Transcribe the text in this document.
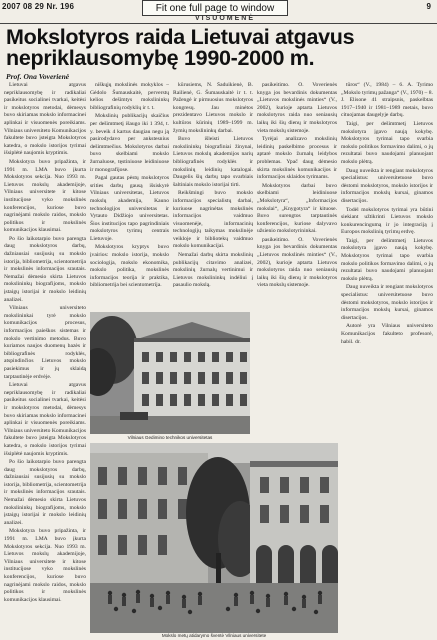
2007 08 29 Nr. 196	Fit one full page to window	9
VISUOMENĖ
Mokslotyros raida Lietuvai atgavus nepriklausomybę 1990-2000 m.
Prof. Ona Voverienė

Lietuvai atgavus nepriklausomybę ir radikaliai pasikeitus socialinei tvarkai, keitėsi ir mokslotyros metodai, dėmesys buvo skiriamas mokslo informacinei aplinkai ir visuomenės poreikiams. Vilniaus universiteto Komunikacijos fakultete buvo įsteigta Mokslotyros katedra, o mokslo istorijos tyrimai išsiplėtė naujomis kryptimis.

Mokslotyra buvo pripažinta, ir 1991 m. LMA buvo įkurta Mokslotyros sekcija. Nuo 1993 m. Lietuvos mokslų akademijoje, Vilniaus universitete ir kitose institucijose vyko mokslinės konferencijos, kuriose buvo nagrinėjami mokslo raidos, mokslo politikos ir mokslinės komunikacijos klausimai.

Po šio laikotarpio buvo parengta daug mokslotyros darbų, dažniausiai susijusių su mokslo istorija, bibliometrija, scientometrija ir mokslinės informacijos srautais. Nemažai dėmesio skirta Lietuvos mokslininkų biografijoms, mokslo įstaigų istorijai ir mokslo leidinių analizei.

Vilniaus universiteto mokslininkai tyrė mokslo komunikacijos procesus, informacijos paieškos sistemas ir mokslo vertinimo metodus. Buvo kuriamos naujos duomenų bazės ir bibliografinės rodyklės, atspindinčios Lietuvos mokslo pasiekimus ir jų sklaidą tarptautinėje erdvėje.

Lietuvai atgavus nepriklausomybę ir radikaliai pasikeitus socialinei tvarkai, keitėsi ir mokslotyros metodai, dėmesys buvo skiriamas mokslo informacinei aplinkai ir visuomenės poreikiams. Vilniaus universiteto Komunikacijos fakultete buvo įsteigta Mokslotyros katedra, o mokslo istorijos tyrimai išsiplėtė naujomis kryptimis.

Po šio laikotarpio buvo parengta daug mokslotyros darbų, dažniausiai susijusių su mokslo istorija, bibliometrija, scientometrija ir mokslinės informacijos srautais. Nemažai dėmesio skirta Lietuvos mokslininkų biografijoms, mokslo įstaigų istorijai ir mokslo leidinių analizei.

Mokslotyra buvo pripažinta, ir 1991 m. LMA buvo įkurta Mokslotyros sekcija. Nuo 1993 m. Lietuvos mokslų akademijoje, Vilniaus universitete ir kitose institucijose vyko mokslinės konferencijos, kuriose buvo nagrinėjami mokslo raidos, mokslo politikos ir mokslinės komunikacijos klausimai.

niškųjų mokslinės mokyklos – Gėdolo Šumauskaitė, perverstų kelios dešimtys mokslininkų bibliografinių rodyklių ir t. t.

Mokslinių publikacijų skaičius per dešimtmetį išaugo iki 1 394, t. y. beveik 4 kartus daugiau negu ją pasirodydavo per ankstesnius dešimtmečius. Mokslotyros darbai buvo skelbiami mokslo žurnaluose, tęstiniuose leidiniuose ir monografijose.

Pagal gautas pėstų mokslotyros srities darbų gausą išsiskyrė Vilniaus universitetas, Lietuvos mokslų akademija, Kauno technologijos universitetas ir Vytauto Didžiojo universitetas. Šios institucijos tapo pagrindiniais mokslotyros tyrimų centrais Lietuvoje.

Mokslotyros kryptys buvo įvairios: mokslo istorija, mokslo sociologija, mokslo ekonomika, mokslo politika, mokslinės informacijos teorija ir praktika, bibliometrija bei scientometrija.

kūrusiems, N. Šaduikienė, B. Railienė, G. Šumauskaitė ir t. t. Pažengė ir pirmuosius mokslotyros kongresų. Jau minėtos prezidentavo Lietuvos mokslo ir kultūros kūrinių 1989–1999 m. žymių mokslininkų darbai.

Buvo išleisti Lietuvos mokslininkų biografiniai žinynai, Lietuvos mokslų akademijos narių bibliografinės rodyklės ir mokslinių leidinių katalogai. Daugelis šių darbų tapo svarbiais šaltiniais mokslo istorijai tirti.

Reikšmingi buvo mokslo informacijos specialistų darbai, kuriuose nagrinėtas mokslinės informacijos vaidmuo visuomenėje, informacinių technologijų taikymas mokslinėje veikloje ir bibliotekų vaidmuo mokslo komunikacijai.

Nemažai darbų skirta mokslinių publikacijų citavimo analizei, mokslinių žurnalų vertinimui ir Lietuvos mokslininkų indėliui į pasaulio mokslą.

pasikeitimo. O. Voverienės knyga jos bevardinis dokumentas „Lietuvos mokslinės minties“ (V., 2002), kurioje aptarta Lietuvos mokslotyros raida nuo seniausių laikų iki šių dienų ir mokslotyros vieta mokslų sistemoje.

Tyrėjai analizavo mokslinių leidinių paskelbimo procesus ir aptarė mokslo žurnalų leidybos problemas. Ypač daug dėmesio skirta mokslinės komunikacijos ir informacijos sklaidos tyrimams.

Mokslotyros darbai buvo skelbiami leidiniuose „Mokslotyra“, „Informacijos mokslai“, „Knygotyra“ ir kituose. Buvo surengtos tarptautinės konferencijos, kuriose dalyvavo užsienio mokslotyrininkai.

pasikeitimo. O. Voverienės knyga jos bevardinis dokumentas „Lietuvos mokslinės minties“ (V., 2002), kurioje aptarta Lietuvos mokslotyros raida nuo seniausių laikų iki šių dienų ir mokslotyros vieta mokslų sistemoje.

tūros“ (V., 1984) – 6. A. Tyrimo „Mokslo tyrimų pažanga“ (V., 1970) – 8. J. Elisone 41 straipsnis, paskelbtas 1917–1940 ir 1981–1989 metais, buvo cituojamas daugelyje darbų.

Taigi, per dešimtmetį Lietuvos mokslotyra įgavo naują kokybę. Mokslotyros tyrimai tapo svarbia mokslo politikos formavimo dalimi, o jų rezultatai buvo naudojami planuojant mokslo plėtrą.

Daug nuveikta ir rengiant mokslotyros specialistus: universitetuose buvo dėstomi mokslotyros, mokslo istorijos ir informacijos mokslų kursai, ginamos disertacijos.

Todėl mokslotyros tyrimai yra būtini siekiant užtikrinti Lietuvos mokslo konkurencingumą ir jo integraciją į Europos mokslinių tyrimų erdvę.

Taigi, per dešimtmetį Lietuvos mokslotyra įgavo naują kokybę. Mokslotyros tyrimai tapo svarbia mokslo politikos formavimo dalimi, o jų rezultatai buvo naudojami planuojant mokslo plėtrą.

Daug nuveikta ir rengiant mokslotyros specialistus: universitetuose buvo dėstomi mokslotyros, mokslo istorijos ir informacijos mokslų kursai, ginamos disertacijos.

Autorė yra Vilniaus universiteto Komunikacijos fakulteto profesorė, habil. dr.

Vilniaus Gedimino technikos universitetas
Mokslo metų atidarymo šventė Vilniaus universitete
